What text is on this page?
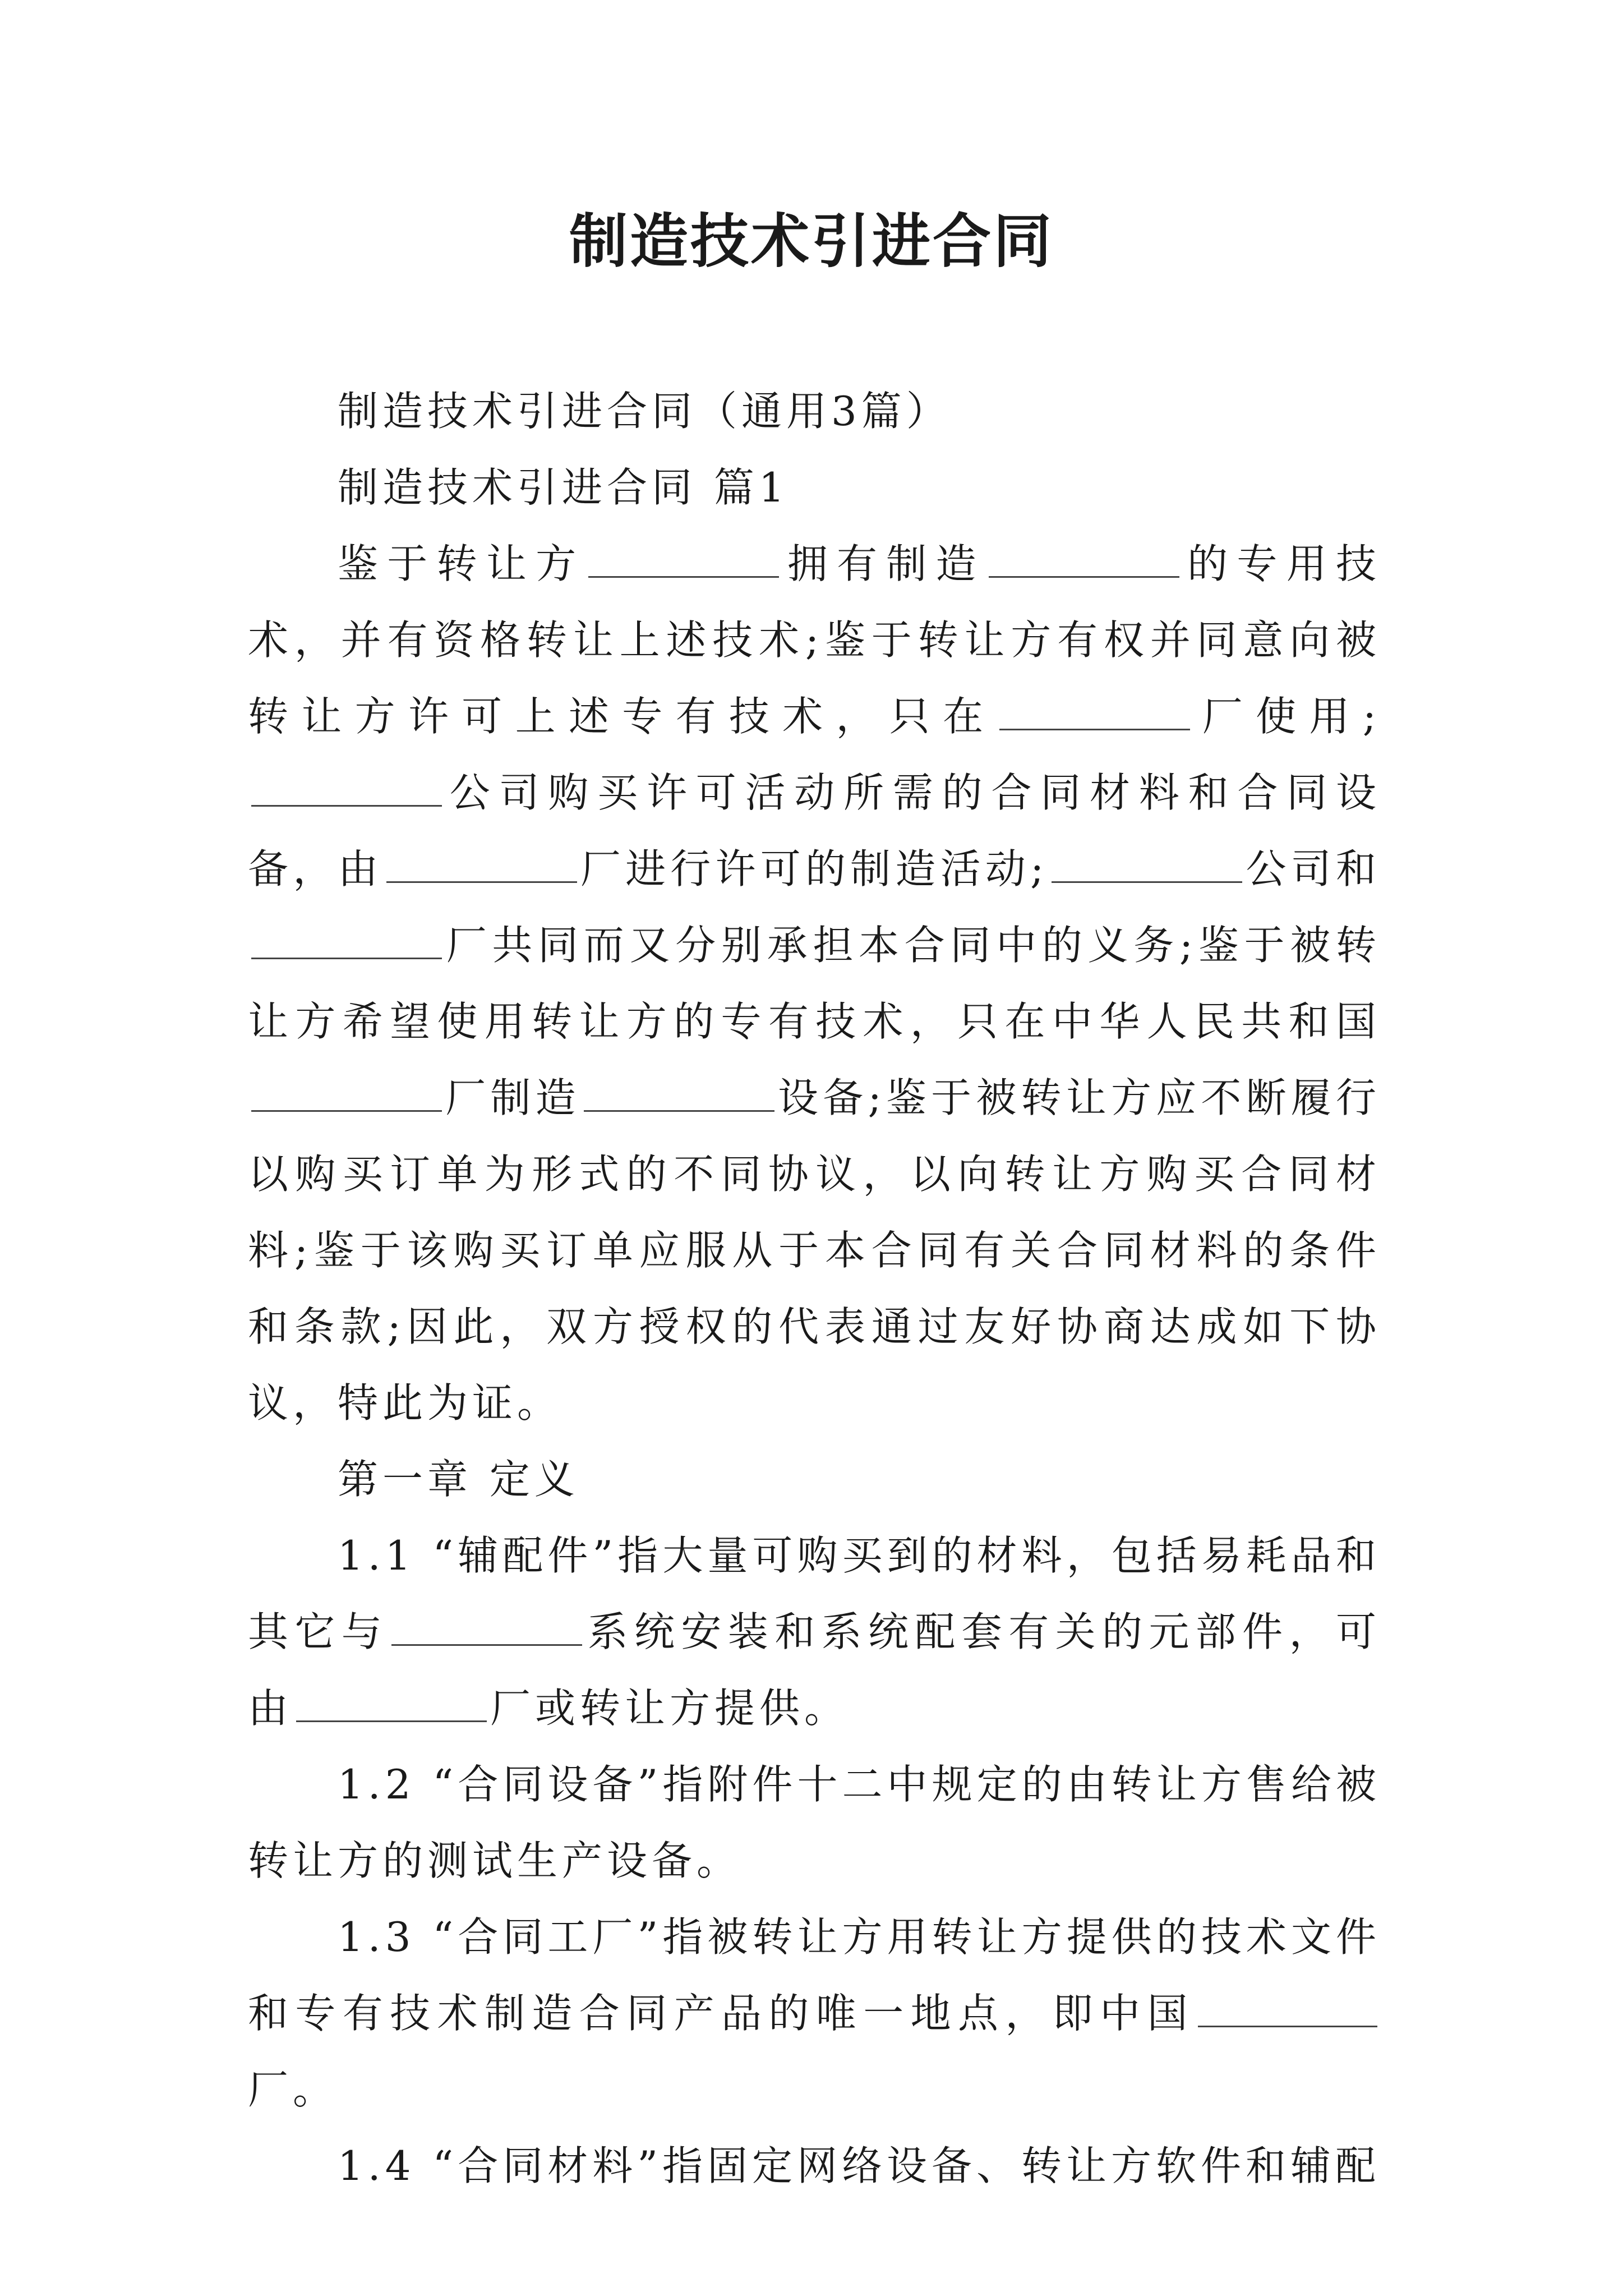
制造技术引进合同

制造技术引进合同（通用3篇）

制造技术引进合同 篇1

鉴于转让方	拥有制造	的专用技术，并有资格转让上述技术;鉴于转让方有权并同意向被转让方许可上述专有技术，只在	厂使用;公司购买许可活动所需的合同材料和合同设备，由	厂进行许可的制造活动;	公司和厂共同而又分别承担本合同中的义务;鉴于被转让方希望使用转让方的专有技术，只在中华人民共和国厂制造	设备;鉴于被转让方应不断履行以购买订单为形式的不同协议，以向转让方购买合同材料;鉴于该购买订单应服从于本合同有关合同材料的条件和条款;因此，双方授权的代表通过友好协商达成如下协议，特此为证。

第一章 定义

1.1 “辅配件”指大量可购买到的材料，包括易耗品和其它与	系统安装和系统配套有关的元部件，可由	厂或转让方提供。

1.2 “合同设备”指附件十二中规定的由转让方售给被转让方的测试生产设备。

1.3 “合同工厂”指被转让方用转让方提供的技术文件和专有技术制造合同产品的唯一地点，即中国厂。

1.4 “合同材料”指固定网络设备、转让方软件和辅配
